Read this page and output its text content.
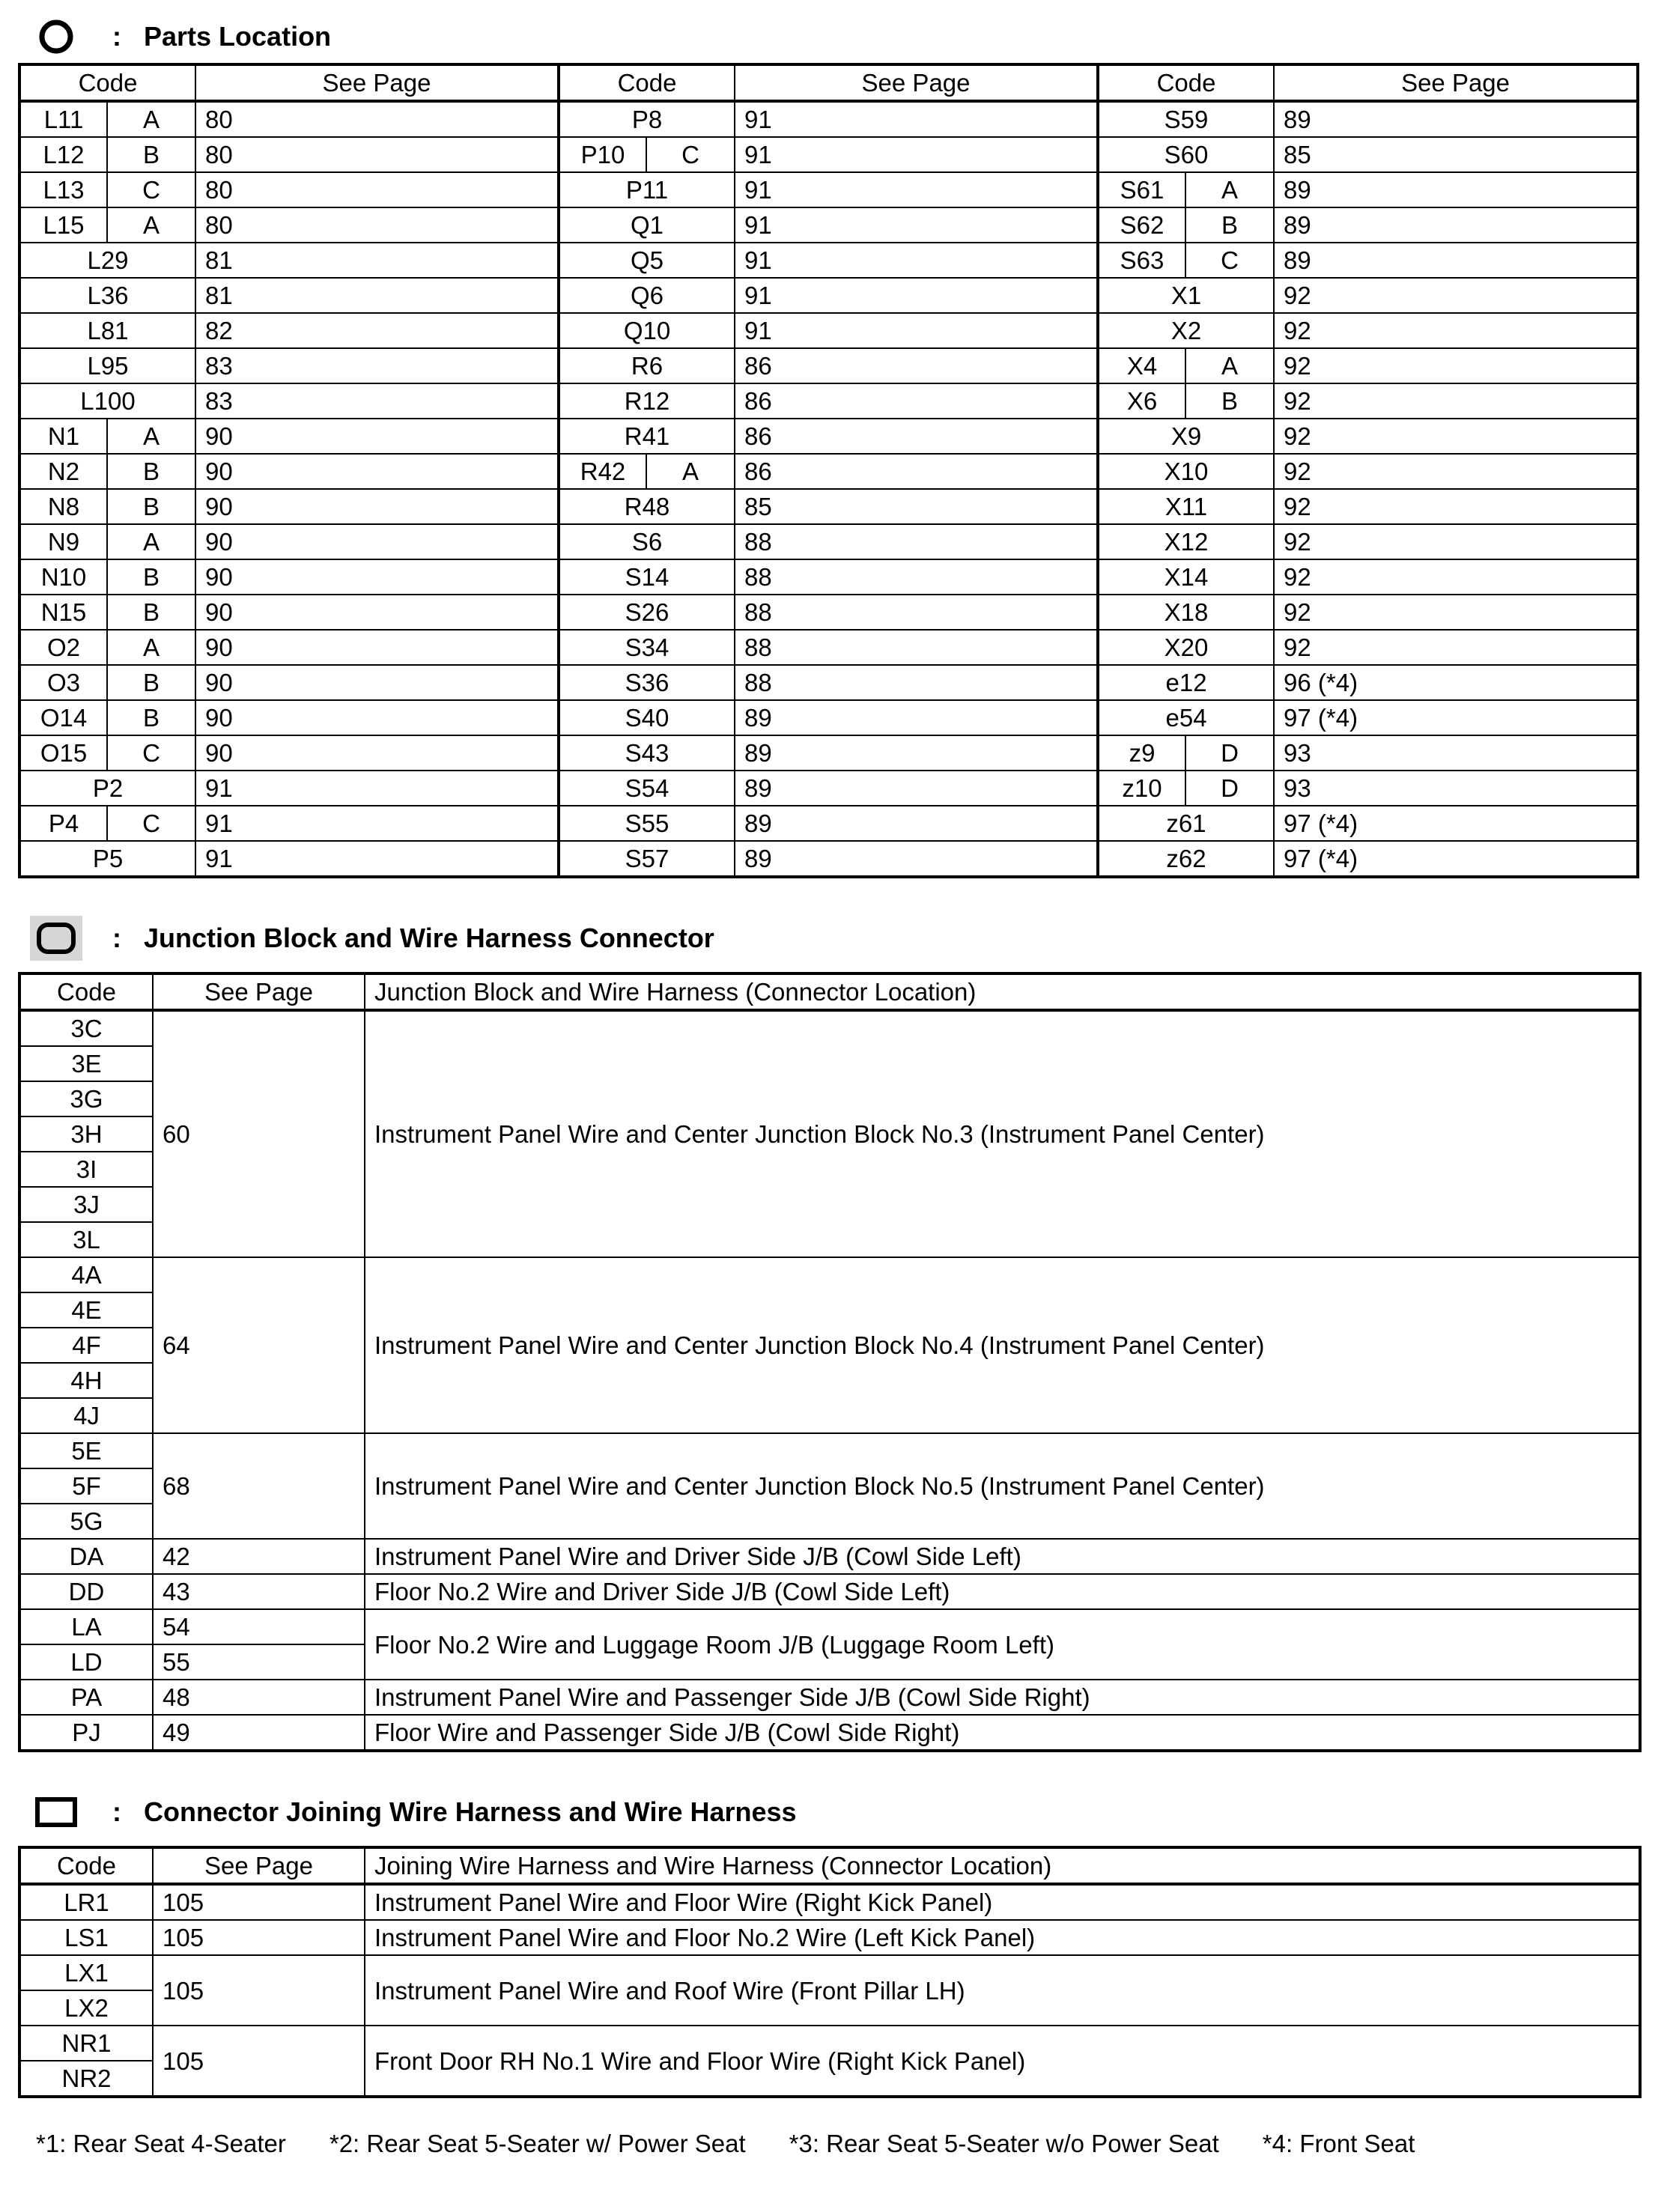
: Parts Location
Code		See Page	Code		See Page	Code		See Page
L11	A	80	P8		91	S59		89
L12	B	80	P10	C	91	S60		85
L13	C	80	P11		91	S61	A	89
L15	A	80	Q1		91	S62	B	89
L29		81	Q5		91	S63	C	89
L36		81	Q6		91	X1		92
L81		82	Q10		91	X2		92
L95		83	R6		86	X4	A	92
L100		83	R12		86	X6	B	92
N1	A	90	R41		86	X9		92
N2	B	90	R42	A	86	X10		92
N8	B	90	R48		85	X11		92
N9	A	90	S6		88	X12		92
N10	B	90	S14		88	X14		92
N15	B	90	S26		88	X18		92
O2	A	90	S34		88	X20		92
O3	B	90	S36		88	e12		96 (*4)
O14	B	90	S40		89	e54		97 (*4)
O15	C	90	S43		89	z9	D	93
P2		91	S54		89	z10	D	93
P4	C	91	S55		89	z61		97 (*4)
P5		91	S57		89	z62		97 (*4)
: Junction Block and Wire Harness Connector
Code	See Page	Junction Block and Wire Harness (Connector Location)
3C	60	Instrument Panel Wire and Center Junction Block No.3 (Instrument Panel Center)
3E		
3G		
3H		
3I		
3J		
3L		
4A	64	Instrument Panel Wire and Center Junction Block No.4 (Instrument Panel Center)
4E		
4F		
4H		
4J		
5E	68	Instrument Panel Wire and Center Junction Block No.5 (Instrument Panel Center)
5F		
5G		
DA	42	Instrument Panel Wire and Driver Side J/B (Cowl Side Left)
DD	43	Floor No.2 Wire and Driver Side J/B (Cowl Side Left)
LA	54	Floor No.2 Wire and Luggage Room J/B (Luggage Room Left)
LD	55	
PA	48	Instrument Panel Wire and Passenger Side J/B (Cowl Side Right)
PJ	49	Floor Wire and Passenger Side J/B (Cowl Side Right)
: Connector Joining Wire Harness and Wire Harness
Code	See Page	Joining Wire Harness and Wire Harness (Connector Location)
LR1	105	Instrument Panel Wire and Floor Wire (Right Kick Panel)
LS1	105	Instrument Panel Wire and Floor No.2 Wire (Left Kick Panel)
LX1	105	Instrument Panel Wire and Roof Wire (Front Pillar LH)
LX2		
NR1	105	Front Door RH No.1 Wire and Floor Wire (Right Kick Panel)
NR2		
*1: Rear Seat 4-Seater *2: Rear Seat 5-Seater w/ Power Seat *3: Rear Seat 5-Seater w/o Power Seat *4: Front Seat
